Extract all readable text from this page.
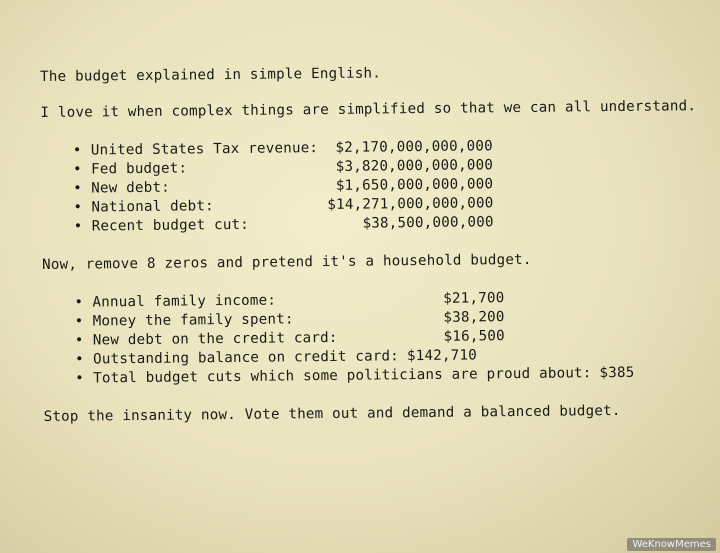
The budget explained in simple English.

I love it when complex things are simplified so that we can all understand.

• United States Tax revenue: $2,170,000,000,000
• Fed budget:	$3,820,000,000,000
• New debt:	$1,650,000,000,000
• National debt:	$14,271,000,000,000
• Recent budget cut:	$38,500,000,000

Now, remove 8 zeros and pretend it's a household budget.

• Annual family income:	$21,700
• Money the family spent:	$38,200
• New debt on the credit card:	$16,500
• Outstanding balance on credit card: $142,710
• Total budget cuts which some politicians are proud about: $385

Stop the insanity now. Vote them out and demand a balanced budget.

WeKnowMemes
